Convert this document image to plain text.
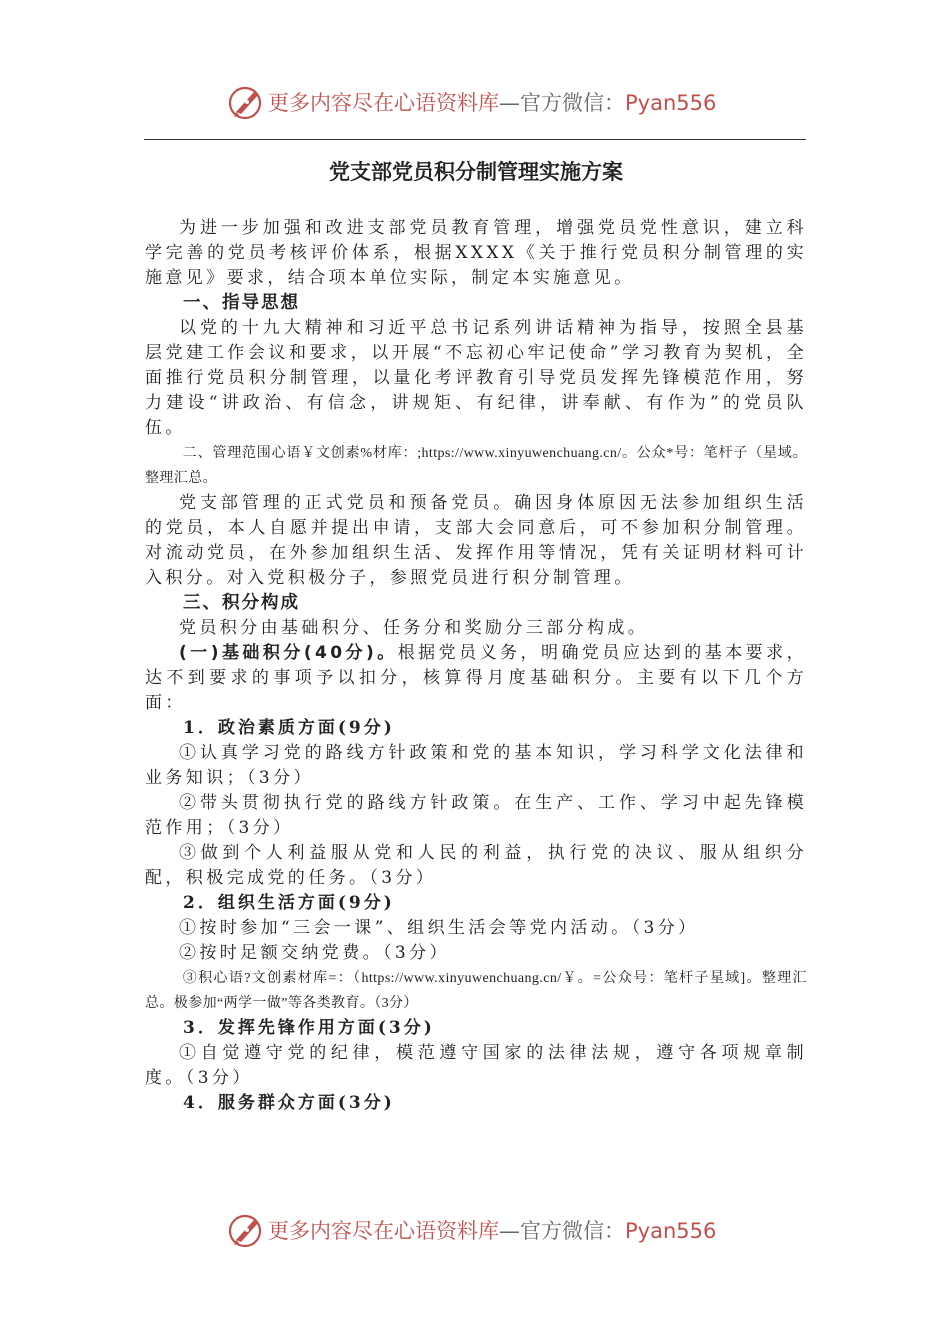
更多内容尽在心语资料库—官方微信：Pyan556
党支部党员积分制管理实施方案

为进一步加强和改进支部党员教育管理，增强党员党性意识，建立科学完善的党员考核评价体系，根据XXXX《关于推行党员积分制管理的实施意见》要求，结合项本单位实际，制定本实施意见。

一、指导思想

以党的十九大精神和习近平总书记系列讲话精神为指导，按照全县基层党建工作会议和要求，以开展“不忘初心牢记使命”学习教育为契机，全面推行党员积分制管理，以量化考评教育引导党员发挥先锋模范作用，努力建设“讲政治、有信念，讲规矩、有纪律，讲奉献、有作为”的党员队伍。

二、管理范围心语￥文创素%材库：;https://www.xinyuwenchuang.cn/。公众*号：笔杆子（星域。整理汇总。

党支部管理的正式党员和预备党员。确因身体原因无法参加组织生活的党员，本人自愿并提出申请，支部大会同意后，可不参加积分制管理。对流动党员，在外参加组织生活、发挥作用等情况，凭有关证明材料可计入积分。对入党积极分子，参照党员进行积分制管理。

三、积分构成

党员积分由基础积分、任务分和奖励分三部分构成。

(一)基础积分(40分)。根据党员义务，明确党员应达到的基本要求，达不到要求的事项予以扣分，核算得月度基础积分。主要有以下几个方面：

1．政治素质方面(9分)

①认真学习党的路线方针政策和党的基本知识，学习科学文化法律和业务知识；（3分）

②带头贯彻执行党的路线方针政策。在生产、工作、学习中起先锋模范作用；（3分）

③做到个人利益服从党和人民的利益，执行党的决议、服从组织分配，积极完成党的任务。（3分）

2．组织生活方面(9分)

①按时参加“三会一课”、组织生活会等党内活动。（3分）

②按时足额交纳党费。（3分）

③积心语?文创素材库=：（https://www.xinyuwenchuang.cn/￥。=公众号：笔杆子星域]。整理汇总。极参加“两学一做”等各类教育。（3分）

3．发挥先锋作用方面(3分)

①自觉遵守党的纪律，模范遵守国家的法律法规，遵守各项规章制度。（3分）

4．服务群众方面(3分)

更多内容尽在心语资料库—官方微信：Pyan556
